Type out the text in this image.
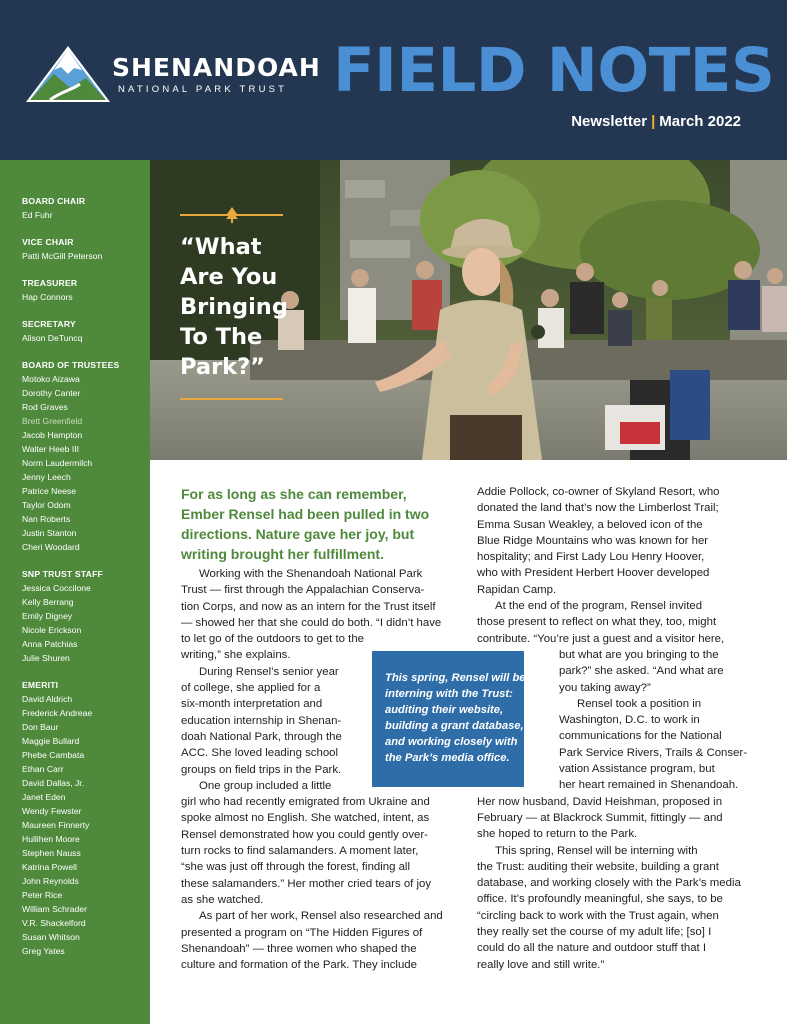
SHENANDOAH
NATIONAL PARK TRUST FIELD NOTES
Newsletter | March 2022
BOARD CHAIR
Ed Fuhr
VICE CHAIR
Patti McGill Peterson
TREASURER
Hap Connors
SECRETARY
Alison DeTuncq
BOARD OF TRUSTEES
Motoko Aizawa
Dorothy Canter
Rod Graves
Brett Greenfield
Jacob Hampton
Walter Heeb III
Norm Laudermilch
Jenny Leech
Patrice Neese
Taylor Odom
Nan Roberts
Justin Stanton
Cheri Woodard
SNP TRUST STAFF
Jessica Coccilone
Kelly Berrang
Emily Digney
Nicole Erickson
Anna Patchias
Julie Shuren
EMERITI
David Aldrich
Frederick Andreae
Don Baur
Maggie Bullard
Phebe Cambata
Ethan Carr
David Dallas, Jr.
Janet Eden
Wendy Fewster
Maureen Finnerty
Hullihen Moore
Stephen Nauss
Katrina Powell
John Reynolds
Peter Rice
William Schrader
V.R. Shackelford
Susan Whitson
Greg Yates
“What
Are You
Bringing
To The
Park?”
For as long as she can remember, Ember Rensel had been pulled in two directions. Nature gave her joy, but writing brought her fulfillment.
Working with the Shenandoah National Park
Trust — first through the Appalachian Conserva-
tion Corps, and now as an intern for the Trust itself
— showed her that she could do both. “I didn’t have
to let go of the outdoors to get to the
writing,” she explains.
During Rensel’s senior year
of college, she applied for a
six-month interpretation and
education internship in Shenan-
doah National Park, through the
ACC. She loved leading school
groups on field trips in the Park.
One group included a little
girl who had recently emigrated from Ukraine and
spoke almost no English. She watched, intent, as
Rensel demonstrated how you could gently over-
turn rocks to find salamanders. A moment later,
“she was just off through the forest, finding all
these salamanders.” Her mother cried tears of joy
as she watched.
As part of her work, Rensel also researched and
presented a program on “The Hidden Figures of
Shenandoah” — three women who shaped the
culture and formation of the Park. They include
Addie Pollock, co-owner of Skyland Resort, who
donated the land that’s now the Limberlost Trail;
Emma Susan Weakley, a beloved icon of the
Blue Ridge Mountains who was known for her
hospitality; and First Lady Lou Henry Hoover,
who with President Herbert Hoover developed
Rapidan Camp.
At the end of the program, Rensel invited
those present to reflect on what they, too, might
contribute. “You’re just a guest and a visitor here,
but what are you bringing to the
park?” she asked. “And what are
you taking away?”
Rensel took a position in
Washington, D.C. to work in
communications for the National
Park Service Rivers, Trails & Conser-
vation Assistance program, but
her heart remained in Shenandoah.
Her now husband, David Heishman, proposed in
February — at Blackrock Summit, fittingly — and
she hoped to return to the Park.
This spring, Rensel will be interning with
the Trust: auditing their website, building a grant
database, and working closely with the Park’s media
office. It’s profoundly meaningful, she says, to be
“circling back to work with the Trust again, when
they really set the course of my adult life; [so] I
could do all the nature and outdoor stuff that I
really love and still write.”
This spring, Rensel will be
interning with the Trust:
auditing their website,
building a grant database,
and working closely with
the Park’s media office.
